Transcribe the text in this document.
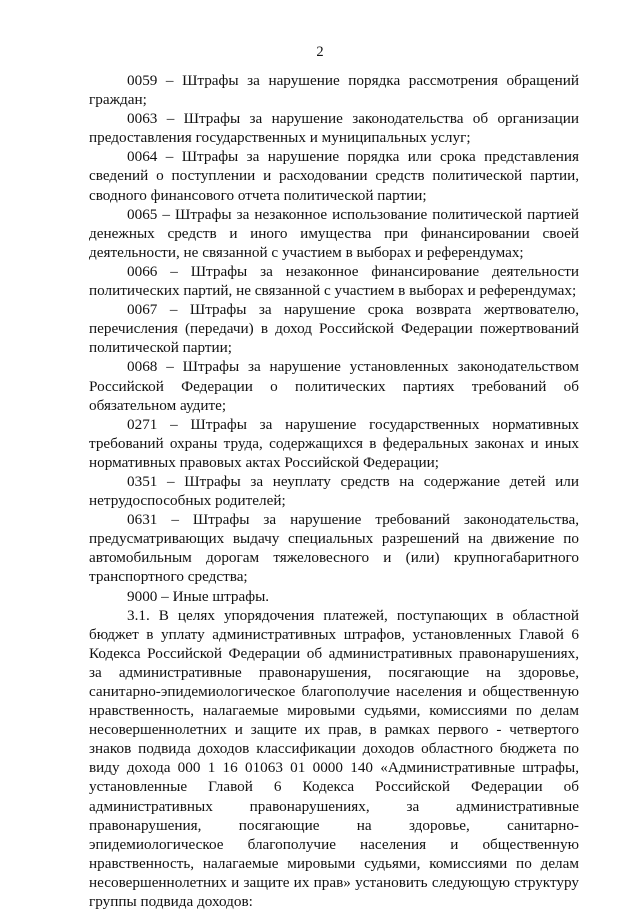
2

0059 – Штрафы за нарушение порядка рассмотрения обращений граждан;

0063 – Штрафы за нарушение законодательства об организации предоставления государственных и муниципальных услуг;

0064 – Штрафы за нарушение порядка или срока представления сведений о поступлении и расходовании средств политической партии, сводного финансового отчета политической партии;

0065 – Штрафы за незаконное использование политической партией денежных средств и иного имущества при финансировании своей деятельности, не связанной с участием в выборах и референдумах;

0066 – Штрафы за незаконное финансирование деятельности политических партий, не связанной с участием в выборах и референдумах;

0067 – Штрафы за нарушение срока возврата жертвователю, перечисления (передачи) в доход Российской Федерации пожертвований политической партии;

0068 – Штрафы за нарушение установленных законодательством Российской Федерации о политических партиях требований об обязательном аудите;

0271 – Штрафы за нарушение государственных нормативных требований охраны труда, содержащихся в федеральных законах и иных нормативных правовых актах Российской Федерации;

0351 – Штрафы за неуплату средств на содержание детей или нетрудоспособных родителей;

0631 – Штрафы за нарушение требований законодательства, предусматривающих выдачу специальных разрешений на движение по автомобильным дорогам тяжеловесного и (или) крупногабаритного транспортного средства;

9000 – Иные штрафы.

3.1. В целях упорядочения платежей, поступающих в областной бюджет в уплату административных штрафов, установленных Главой 6 Кодекса Российской Федерации об административных правонарушениях, за административные правонарушения, посягающие на здоровье, санитарно-эпидемиологическое благополучие населения и общественную нравственность, налагаемые мировыми судьями, комиссиями по делам несовершеннолетних и защите их прав, в рамках первого - четвертого знаков подвида доходов классификации доходов областного бюджета по виду дохода 000 1 16 01063 01 0000 140 «Административные штрафы, установленные Главой 6 Кодекса Российской Федерации об административных правонарушениях, за административные правонарушения, посягающие на здоровье, санитарно-эпидемиологическое благополучие населения и общественную нравственность, налагаемые мировыми судьями, комиссиями по делам несовершеннолетних и защите их прав» установить следующую структуру группы подвида доходов:
